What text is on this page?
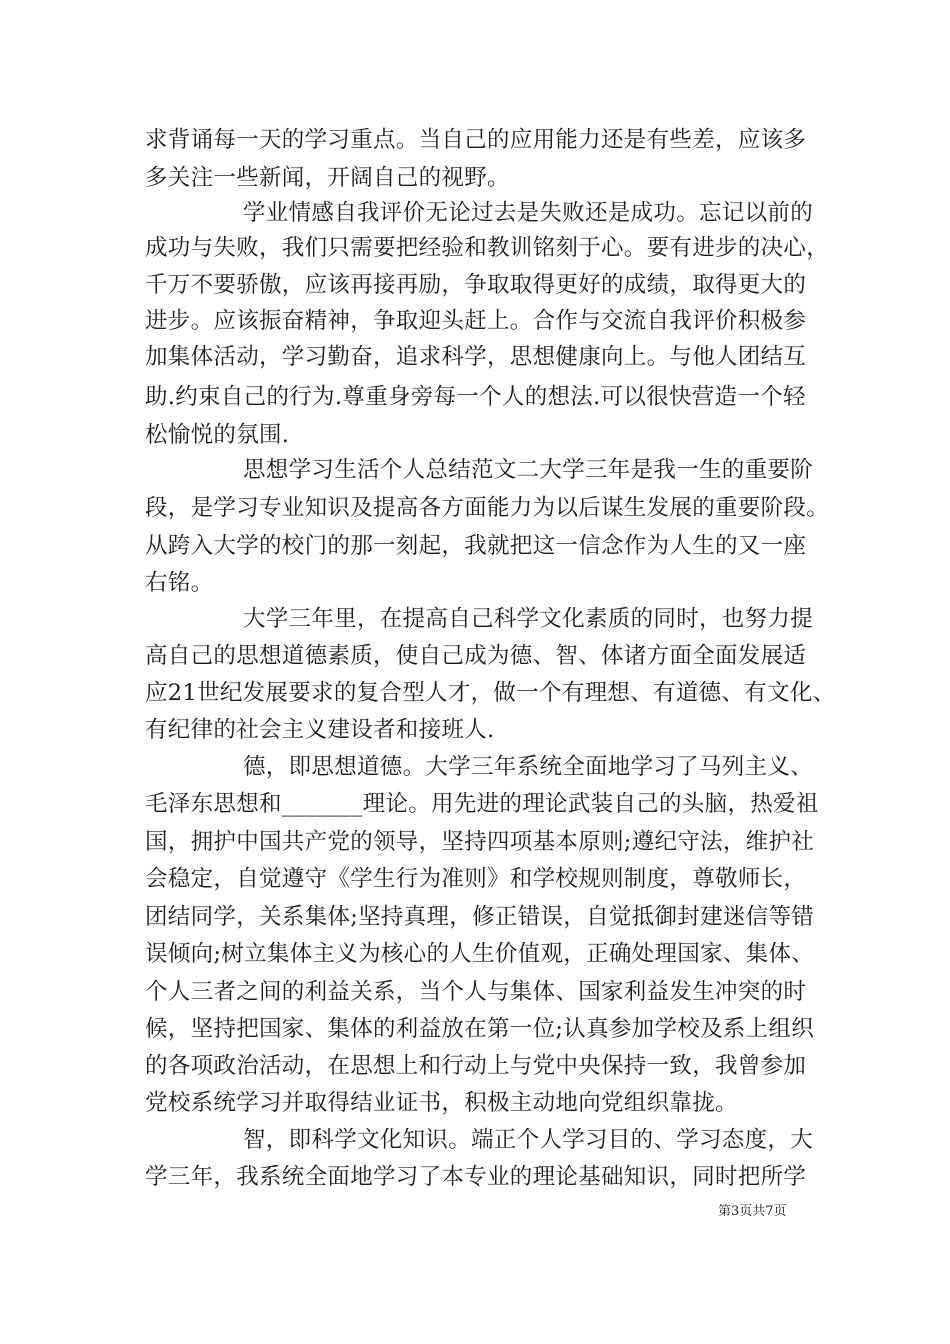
求背诵每一天的学习重点。当自己的应用能力还是有些差，应该多
多关注一些新闻，开阔自己的视野。
学业情感自我评价无论过去是失败还是成功。忘记以前的
成功与失败，我们只需要把经验和教训铭刻于心。要有进步的决心，
千万不要骄傲，应该再接再励，争取取得更好的成绩，取得更大的
进步。应该振奋精神，争取迎头赶上。合作与交流自我评价积极参
加集体活动，学习勤奋，追求科学，思想健康向上。与他人团结互
助.约束自己的行为.尊重身旁每一个人的想法.可以很快营造一个轻
松愉悦的氛围.
思想学习生活个人总结范文二大学三年是我一生的重要阶
段，是学习专业知识及提高各方面能力为以后谋生发展的重要阶段。
从跨入大学的校门的那一刻起，我就把这一信念作为人生的又一座
右铭。
大学三年里，在提高自己科学文化素质的同时，也努力提
高自己的思想道德素质，使自己成为德、智、体诸方面全面发展适
应21世纪发展要求的复合型人才，做一个有理想、有道德、有文化、
有纪律的社会主义建设者和接班人.
德，即思想道德。大学三年系统全面地学习了马列主义、
毛泽东思想和_______理论。用先进的理论武装自己的头脑，热爱祖
国，拥护中国共产党的领导，坚持四项基本原则;遵纪守法，维护社
会稳定，自觉遵守《学生行为准则》和学校规则制度，尊敬师长，
团结同学，关系集体;坚持真理，修正错误，自觉抵御封建迷信等错
误倾向;树立集体主义为核心的人生价值观，正确处理国家、集体、
个人三者之间的利益关系，当个人与集体、国家利益发生冲突的时
候，坚持把国家、集体的利益放在第一位;认真参加学校及系上组织
的各项政治活动，在思想上和行动上与党中央保持一致，我曾参加
党校系统学习并取得结业证书，积极主动地向党组织靠拢。
智，即科学文化知识。端正个人学习目的、学习态度，大
学三年，我系统全面地学习了本专业的理论基础知识，同时把所学
第3页共7页
